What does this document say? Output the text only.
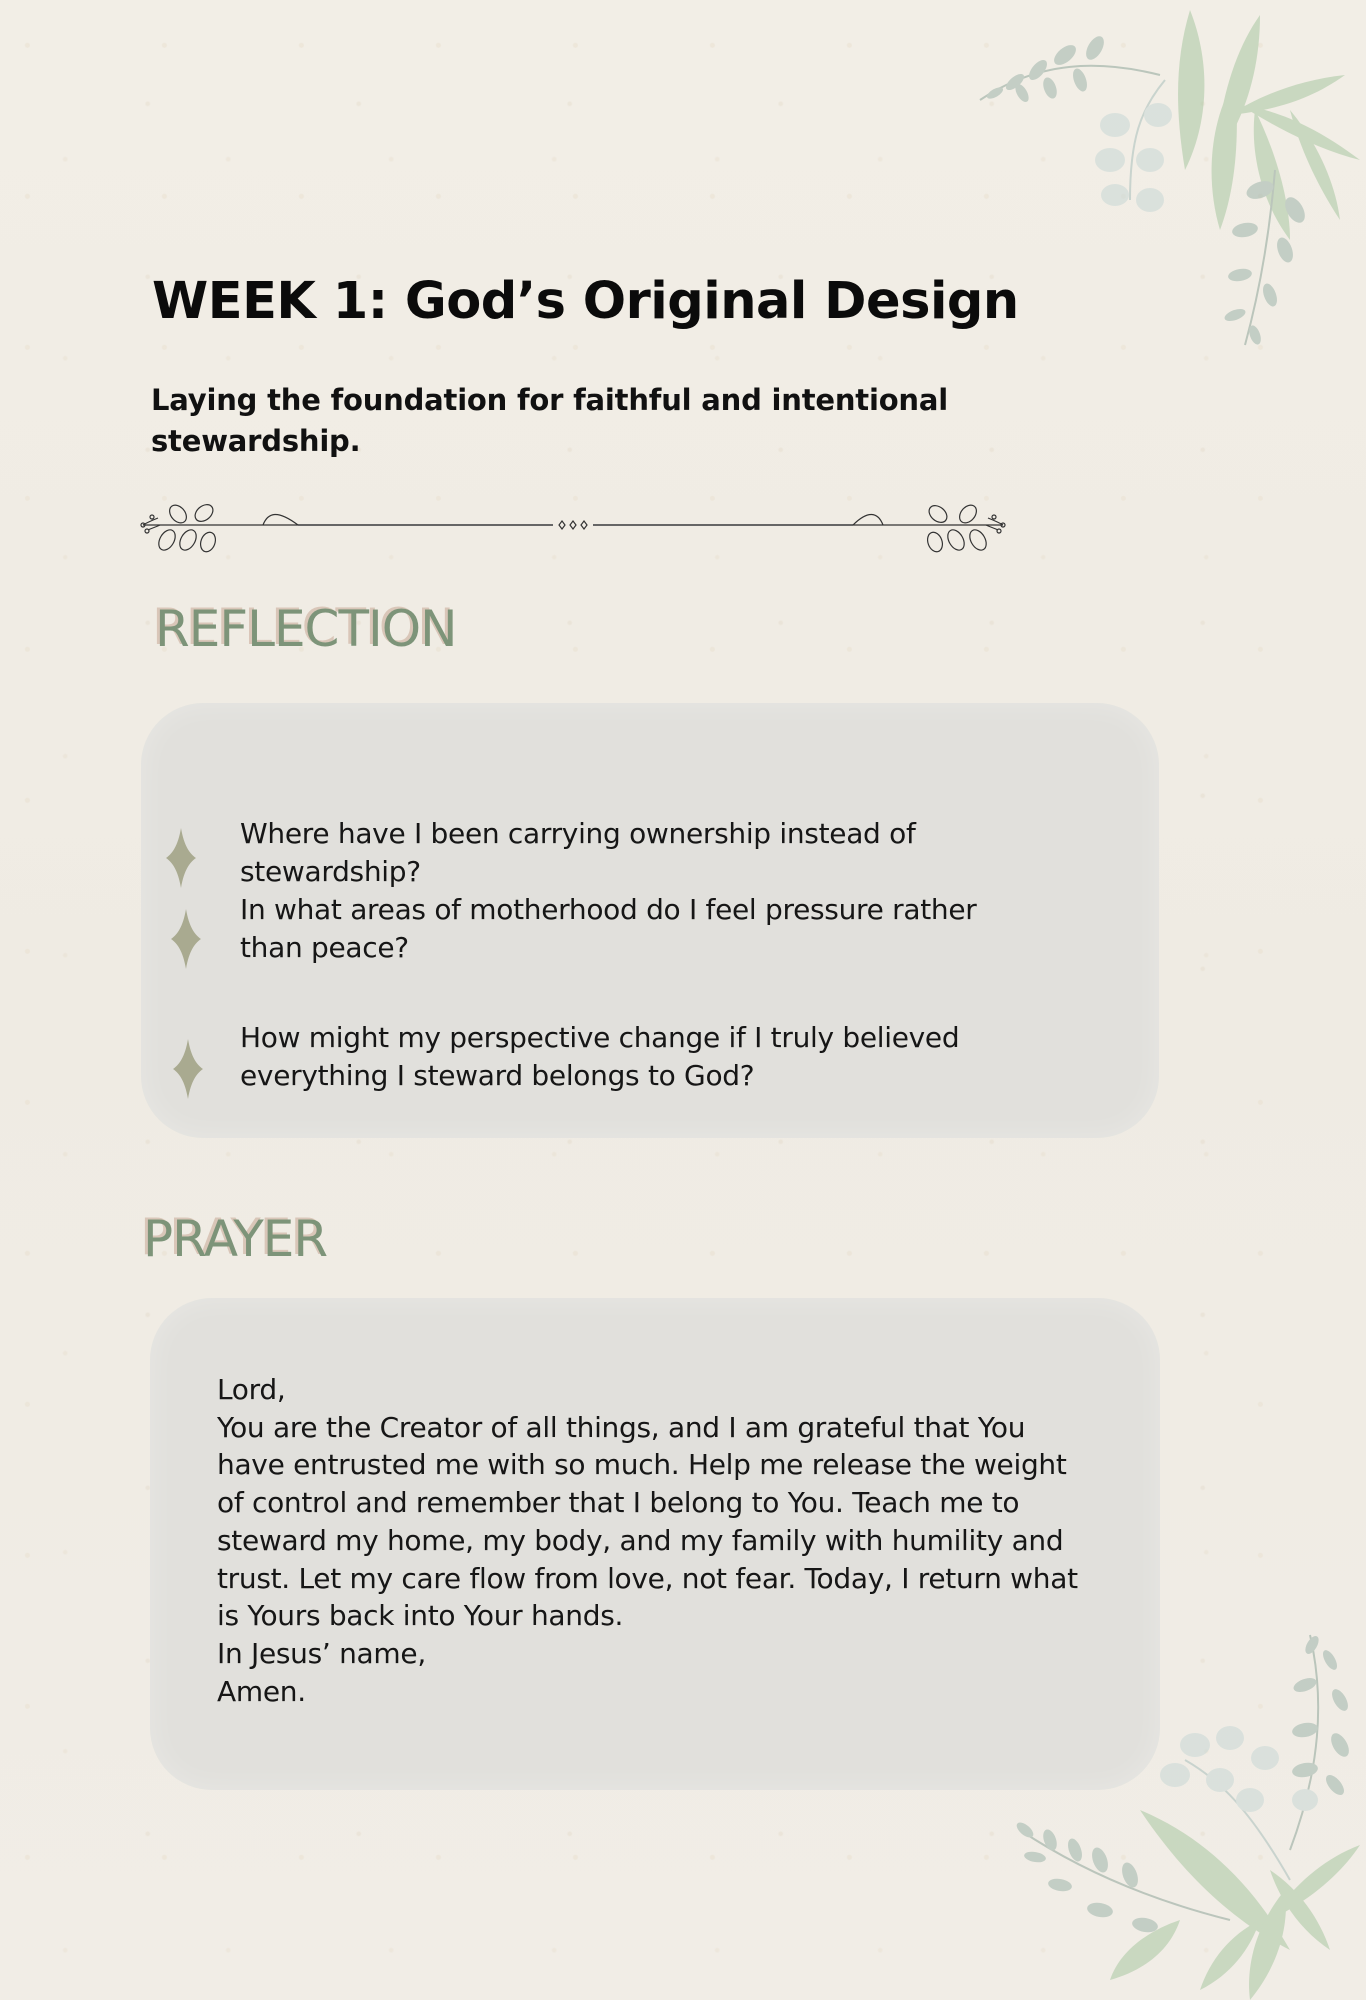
WEEK 1: God’s Original Design

Laying the foundation for faithful and intentional stewardship.

REFLECTION
Where have I been carrying ownership instead of
stewardship?
In what areas of motherhood do I feel pressure rather
than peace?
How might my perspective change if I truly believed
everything I steward belongs to God?
PRAYER
Lord,
You are the Creator of all things, and I am grateful that You
have entrusted me with so much. Help me release the weight
of control and remember that I belong to You. Teach me to
steward my home, my body, and my family with humility and
trust. Let my care flow from love, not fear. Today, I return what
is Yours back into Your hands.
In Jesus’ name,
Amen.
